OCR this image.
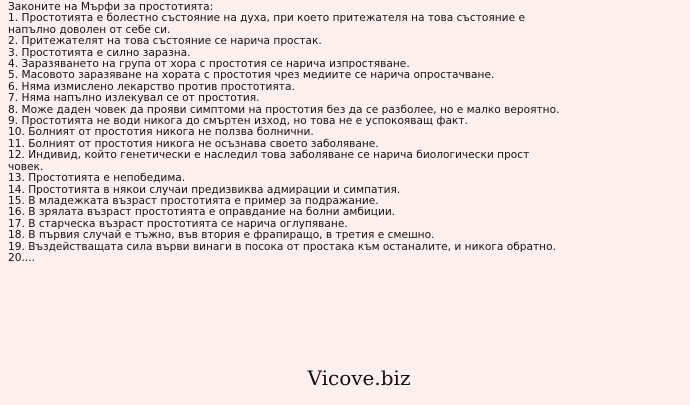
Законите на Мърфи за простотията:
1. Простотията е болестно състояние на духа, при което притежателя на това състояние е
напълно доволен от себе си.
2. Притежателят на това състояние се нарича простак.
3. Простотията е силно заразна.
4. Заразяването на група от хора с простотия се нарича изпростяване.
5. Масовото заразяване на хората с простотия чрез медиите се нарича опростачване.
6. Няма измислено лекарство против простотията.
7. Няма напълно излекувал се от простотия.
8. Може даден човек да прояви симптоми на простотия без да се разболее, но е малко вероятно.
9. Простотията не води никога до смъртен изход, но това не е успокояващ факт.
10. Болният от простотия никога не ползва болнични.
11. Болният от простотия никога не осъзнава своето заболяване.
12. Индивид, който генетически е наследил това заболяване се нарича биологически прост
човек.
13. Простотията е непобедима.
14. Простотията в някои случаи предизвиква адмирации и симпатия.
15. В младежката възраст простотията е пример за подражание.
16. В зрялата възраст простотията е оправдание на болни амбиции.
17. В старческа възраст простотията се нарича оглупяване.
18. В първия случай е тъжно, във втория е фрапиращо, в третия е смешно.
19. Въздействащата сила върви винаги в посока от простака към останалите, и никога обратно.
20....
Vicove.biz
